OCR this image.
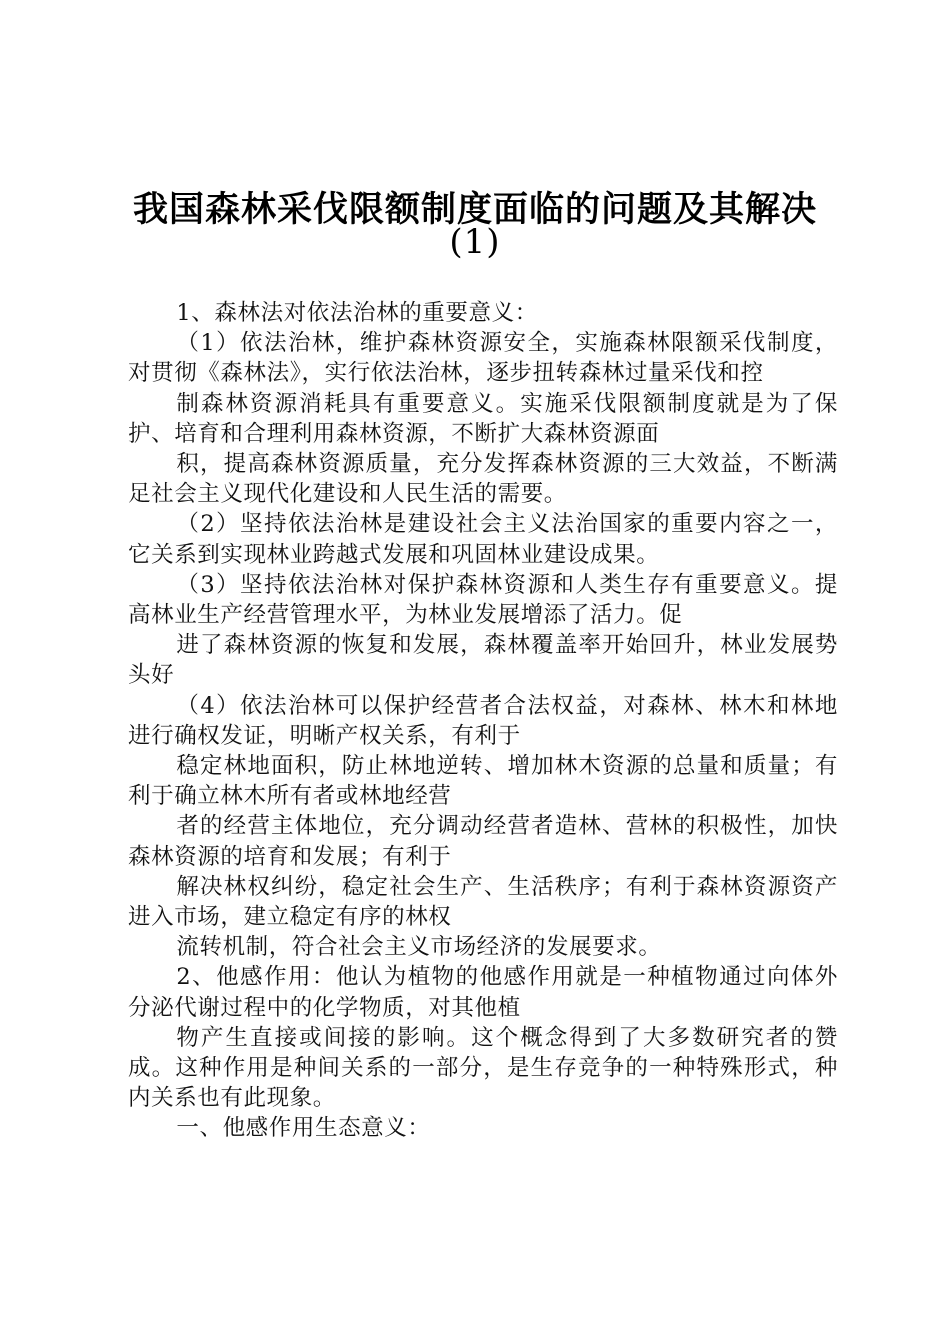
我国森林采伐限额制度面临的问题及其解决
(1)

1、森林法对依法治林的重要意义：

（1）依法治林，维护森林资源安全，实施森林限额采伐制度，对贯彻《森林法》，实行依法治林，逐步扭转森林过量采伐和控

制森林资源消耗具有重要意义。实施采伐限额制度就是为了保护、培育和合理利用森林资源，不断扩大森林资源面

积，提高森林资源质量，充分发挥森林资源的三大效益，不断满足社会主义现代化建设和人民生活的需要。

（2）坚持依法治林是建设社会主义法治国家的重要内容之一，它关系到实现林业跨越式发展和巩固林业建设成果。

（3）坚持依法治林对保护森林资源和人类生存有重要意义。提高林业生产经营管理水平，为林业发展增添了活力。促

进了森林资源的恢复和发展，森林覆盖率开始回升，林业发展势头好

（4）依法治林可以保护经营者合法权益，对森林、林木和林地进行确权发证，明晰产权关系，有利于

稳定林地面积，防止林地逆转、增加林木资源的总量和质量；有利于确立林木所有者或林地经营

者的经营主体地位，充分调动经营者造林、营林的积极性，加快森林资源的培育和发展；有利于

解决林权纠纷，稳定社会生产、生活秩序；有利于森林资源资产进入市场，建立稳定有序的林权

流转机制，符合社会主义市场经济的发展要求。

2、他感作用：他认为植物的他感作用就是一种植物通过向体外分泌代谢过程中的化学物质，对其他植

物产生直接或间接的影响。这个概念得到了大多数研究者的赞成。这种作用是种间关系的一部分，是生存竞争的一种特殊形式，种内关系也有此现象。

一、他感作用生态意义：
